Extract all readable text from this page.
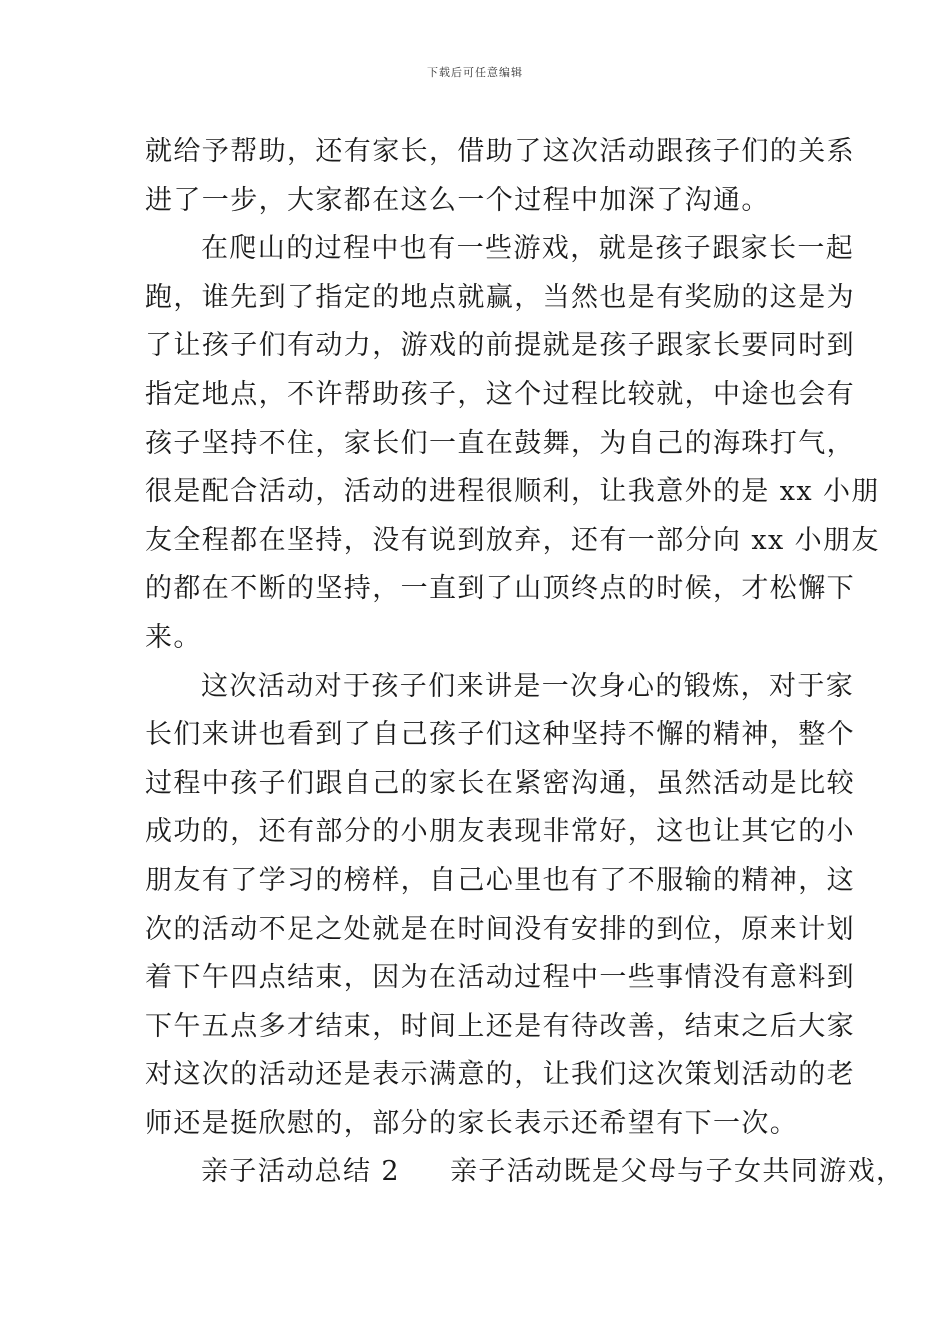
下载后可任意编辑
就给予帮助，还有家长，借助了这次活动跟孩子们的关系
进了一步，大家都在这么一个过程中加深了沟通。
在爬山的过程中也有一些游戏，就是孩子跟家长一起
跑，谁先到了指定的地点就赢，当然也是有奖励的这是为
了让孩子们有动力，游戏的前提就是孩子跟家长要同时到
指定地点，不许帮助孩子，这个过程比较就，中途也会有
孩子坚持不住，家长们一直在鼓舞，为自己的海珠打气，
很是配合活动，活动的进程很顺利，让我意外的是 xx 小朋
友全程都在坚持，没有说到放弃，还有一部分向 xx 小朋友
的都在不断的坚持，一直到了山顶终点的时候，才松懈下
来。
这次活动对于孩子们来讲是一次身心的锻炼，对于家
长们来讲也看到了自己孩子们这种坚持不懈的精神，整个
过程中孩子们跟自己的家长在紧密沟通，虽然活动是比较
成功的，还有部分的小朋友表现非常好，这也让其它的小
朋友有了学习的榜样，自己心里也有了不服输的精神，这
次的活动不足之处就是在时间没有安排的到位，原来计划
着下午四点结束，因为在活动过程中一些事情没有意料到
下午五点多才结束，时间上还是有待改善，结束之后大家
对这次的活动还是表示满意的，让我们这次策划活动的老
师还是挺欣慰的，部分的家长表示还希望有下一次。
亲子活动总结 2 亲子活动既是父母与子女共同游戏，
